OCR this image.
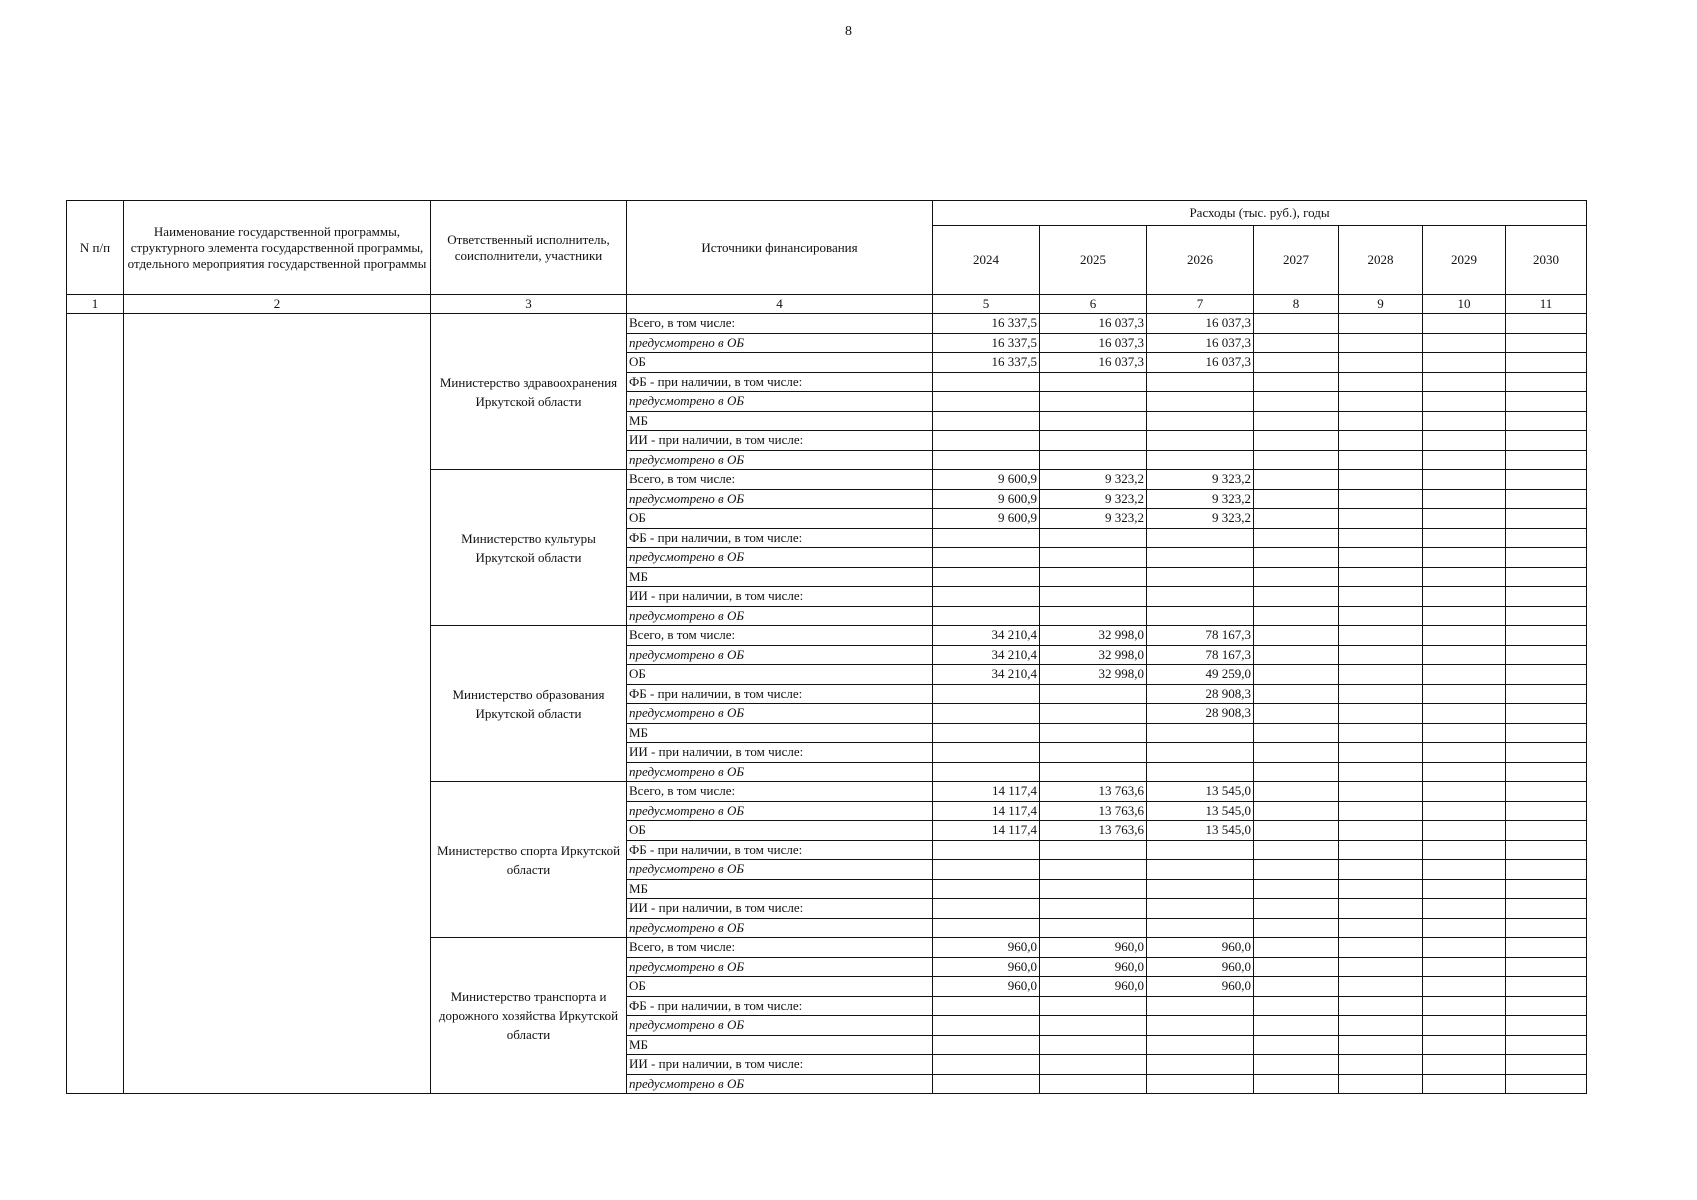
8
N п/п	Наименование государственной программы, структурного элемента государственной программы, отдельного мероприятия государственной программы	Ответственный исполнитель, соисполнители, участники	Источники финансирования	Расходы (тыс. руб.), годы						
				2024	2025	2026	2027	2028	2029	2030
1	2	3	4	5	6	7	8	9	10	11
		Министерство здравоохранения Иркутской области	Всего, в том числе:	16 337,5	16 037,3	16 037,3				
			предусмотрено в ОБ	16 337,5	16 037,3	16 037,3				
			ОБ	16 337,5	16 037,3	16 037,3				
			ФБ - при наличии, в том числе:							
			предусмотрено в ОБ							
			МБ							
			ИИ - при наличии, в том числе:							
			предусмотрено в ОБ							
		Министерство культуры Иркутской области	Всего, в том числе:	9 600,9	9 323,2	9 323,2				
			предусмотрено в ОБ	9 600,9	9 323,2	9 323,2				
			ОБ	9 600,9	9 323,2	9 323,2				
			ФБ - при наличии, в том числе:							
			предусмотрено в ОБ							
			МБ							
			ИИ - при наличии, в том числе:							
			предусмотрено в ОБ							
		Министерство образования Иркутской области	Всего, в том числе:	34 210,4	32 998,0	78 167,3				
			предусмотрено в ОБ	34 210,4	32 998,0	78 167,3				
			ОБ	34 210,4	32 998,0	49 259,0				
			ФБ - при наличии, в том числе:			28 908,3				
			предусмотрено в ОБ			28 908,3				
			МБ							
			ИИ - при наличии, в том числе:							
			предусмотрено в ОБ							
		Министерство спорта Иркутской области	Всего, в том числе:	14 117,4	13 763,6	13 545,0				
			предусмотрено в ОБ	14 117,4	13 763,6	13 545,0				
			ОБ	14 117,4	13 763,6	13 545,0				
			ФБ - при наличии, в том числе:							
			предусмотрено в ОБ							
			МБ							
			ИИ - при наличии, в том числе:							
			предусмотрено в ОБ							
		Министерство транспорта и дорожного хозяйства Иркутской области	Всего, в том числе:	960,0	960,0	960,0				
			предусмотрено в ОБ	960,0	960,0	960,0				
			ОБ	960,0	960,0	960,0				
			ФБ - при наличии, в том числе:							
			предусмотрено в ОБ							
			МБ							
			ИИ - при наличии, в том числе:							
			предусмотрено в ОБ							
